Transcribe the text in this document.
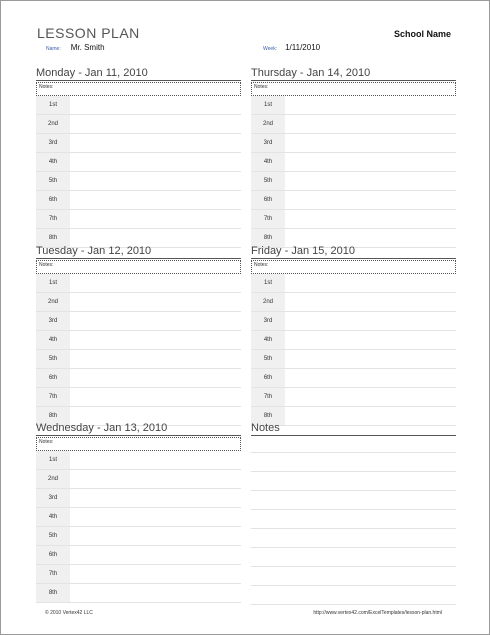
LESSON PLAN	School Name
Name: Mr. Smith	Week: 1/11/2010
Monday - Jan 11, 2010
Notes:
1st
2nd
3rd
4th
5th
6th
7th
8th
Thursday - Jan 14, 2010
Notes:
1st
2nd
3rd
4th
5th
6th
7th
8th
Tuesday - Jan 12, 2010
Notes:
1st
2nd
3rd
4th
5th
6th
7th
8th
Friday - Jan 15, 2010
Notes:
1st
2nd
3rd
4th
5th
6th
7th
8th
Wednesday - Jan 13, 2010
Notes:
1st
2nd
3rd
4th
5th
6th
7th
8th
Notes
© 2010 Vertex42 LLC	http://www.vertex42.com/ExcelTemplates/lesson-plan.html
